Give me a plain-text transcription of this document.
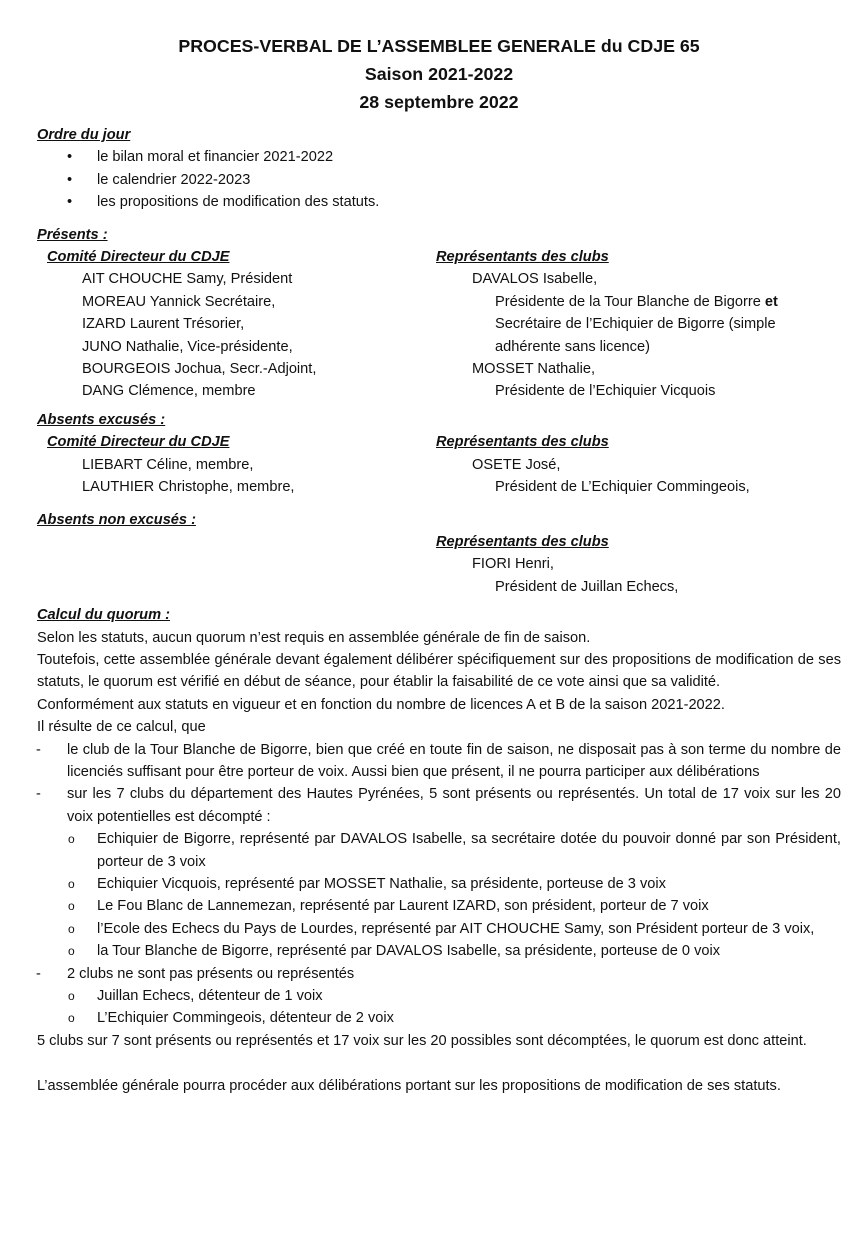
PROCES-VERBAL DE L’ASSEMBLEE GENERALE du CDJE 65
Saison 2021-2022
28 septembre 2022
Ordre du jour
• le bilan moral et financier 2021-2022
• le calendrier 2022-2023
• les propositions de modification des statuts.
Présents :
Comité Directeur du CDJE
AIT CHOUCHE Samy, Président
MOREAU Yannick Secrétaire,
IZARD Laurent Trésorier,
JUNO Nathalie, Vice-présidente,
BOURGEOIS Jochua, Secr.-Adjoint,
DANG Clémence, membre
Représentants des clubs
DAVALOS Isabelle,
Présidente de la Tour Blanche de Bigorre et
Secrétaire de l’Echiquier de Bigorre (simple
adhérente sans licence)
MOSSET Nathalie,
Présidente de l’Echiquier Vicquois
Absents excusés :
Comité Directeur du CDJE
LIEBART Céline, membre,
LAUTHIER Christophe, membre,
Représentants des clubs
OSETE José,
Président de L’Echiquier Commingeois,
Absents non excusés :
Représentants des clubs
FIORI Henri,
Président de Juillan Echecs,
Calcul du quorum :

Selon les statuts, aucun quorum n’est requis en assemblée générale de fin de saison.

Toutefois, cette assemblée générale devant également délibérer spécifiquement sur des propositions de modification de ses statuts, le quorum est vérifié en début de séance, pour établir la faisabilité de ce vote ainsi que sa validité.

Conformément aux statuts en vigueur et en fonction du nombre de licences A et B de la saison 2021-2022.

Il résulte de ce calcul, que

- le club de la Tour Blanche de Bigorre, bien que créé en toute fin de saison, ne disposait pas à son terme du nombre de licenciés suffisant pour être porteur de voix. Aussi bien que présent, il ne pourra participer aux délibérations
- sur les 7 clubs du département des Hautes Pyrénées, 5 sont présents ou représentés. Un total de 17 voix sur les 20 voix potentielles est décompté :
o Echiquier de Bigorre, représenté par DAVALOS Isabelle, sa secrétaire dotée du pouvoir donné par son Président, porteur de 3 voix
o Echiquier Vicquois, représenté par MOSSET Nathalie, sa présidente, porteuse de 3 voix
o Le Fou Blanc de Lannemezan, représenté par Laurent IZARD, son président, porteur de 7 voix
o l’Ecole des Echecs du Pays de Lourdes, représenté par AIT CHOUCHE Samy, son Président porteur de 3 voix,
o la Tour Blanche de Bigorre, représenté par DAVALOS Isabelle, sa présidente, porteuse de 0 voix
- 2 clubs ne sont pas présents ou représentés
o Juillan Echecs, détenteur de 1 voix
o L’Echiquier Commingeois, détenteur de 2 voix

5 clubs sur 7 sont présents ou représentés et 17 voix sur les 20 possibles sont décomptées, le quorum est donc atteint.

L’assemblée générale pourra procéder aux délibérations portant sur les propositions de modification de ses statuts.
